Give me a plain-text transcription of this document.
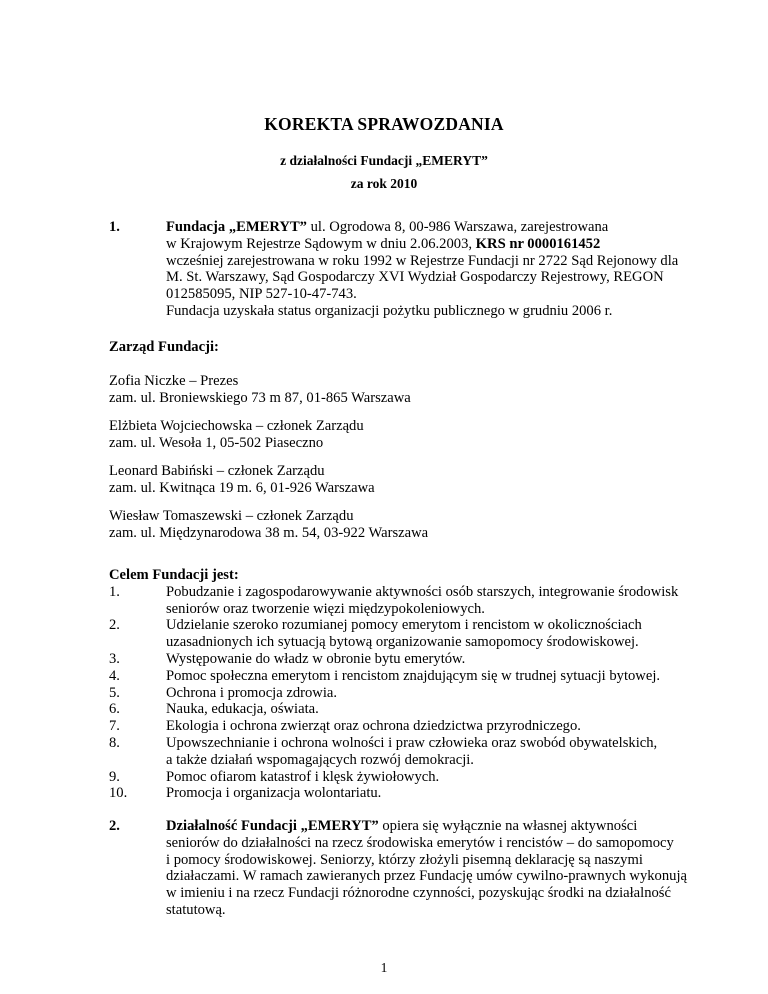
KOREKTA SPRAWOZDANIA
z działalności Fundacji „EMERYT”
za rok 2010
1.	Fundacja „EMERYT” ul. Ogrodowa 8, 00-986 Warszawa, zarejestrowana
w Krajowym Rejestrze Sądowym w dniu 2.06.2003, KRS nr 0000161452
wcześniej zarejestrowana w roku 1992 w Rejestrze Fundacji nr 2722 Sąd Rejonowy dla
M. St. Warszawy, Sąd Gospodarczy XVI Wydział Gospodarczy Rejestrowy, REGON
012585095, NIP 527-10-47-743.
Fundacja uzyskała status organizacji pożytku publicznego w grudniu 2006 r.
Zarząd Fundacji:
Zofia Niczke – Prezes
zam. ul. Broniewskiego 73 m 87, 01-865 Warszawa
Elżbieta Wojciechowska – członek Zarządu
zam. ul. Wesoła 1, 05-502 Piaseczno
Leonard Babiński – członek Zarządu
zam. ul. Kwitnąca 19 m. 6, 01-926 Warszawa
Wiesław Tomaszewski – członek Zarządu
zam. ul. Międzynarodowa 38 m. 54, 03-922 Warszawa
Celem Fundacji jest:
1.	Pobudzanie i zagospodarowywanie aktywności osób starszych, integrowanie środowisk
seniorów oraz tworzenie więzi międzypokoleniowych.
2.	Udzielanie szeroko rozumianej pomocy emerytom i rencistom w okolicznościach
uzasadnionych ich sytuacją bytową organizowanie samopomocy środowiskowej.
3.	Występowanie do władz w obronie bytu emerytów.
4.	Pomoc społeczna emerytom i rencistom znajdującym się w trudnej sytuacji bytowej.
5.	Ochrona i promocja zdrowia.
6.	Nauka, edukacja, oświata.
7.	Ekologia i ochrona zwierząt oraz ochrona dziedzictwa przyrodniczego.
8.	Upowszechnianie i ochrona wolności i praw człowieka oraz swobód obywatelskich,
a także działań wspomagających rozwój demokracji.
9.	Pomoc ofiarom katastrof i klęsk żywiołowych.
10.	Promocja i organizacja wolontariatu.
2.	Działalność Fundacji „EMERYT” opiera się wyłącznie na własnej aktywności
seniorów do działalności na rzecz środowiska emerytów i rencistów – do samopomocy
i pomocy środowiskowej. Seniorzy, którzy złożyli pisemną deklarację są naszymi
działaczami. W ramach zawieranych przez Fundację umów cywilno-prawnych wykonują
w imieniu i na rzecz Fundacji różnorodne czynności, pozyskując środki na działalność
statutową.
1
